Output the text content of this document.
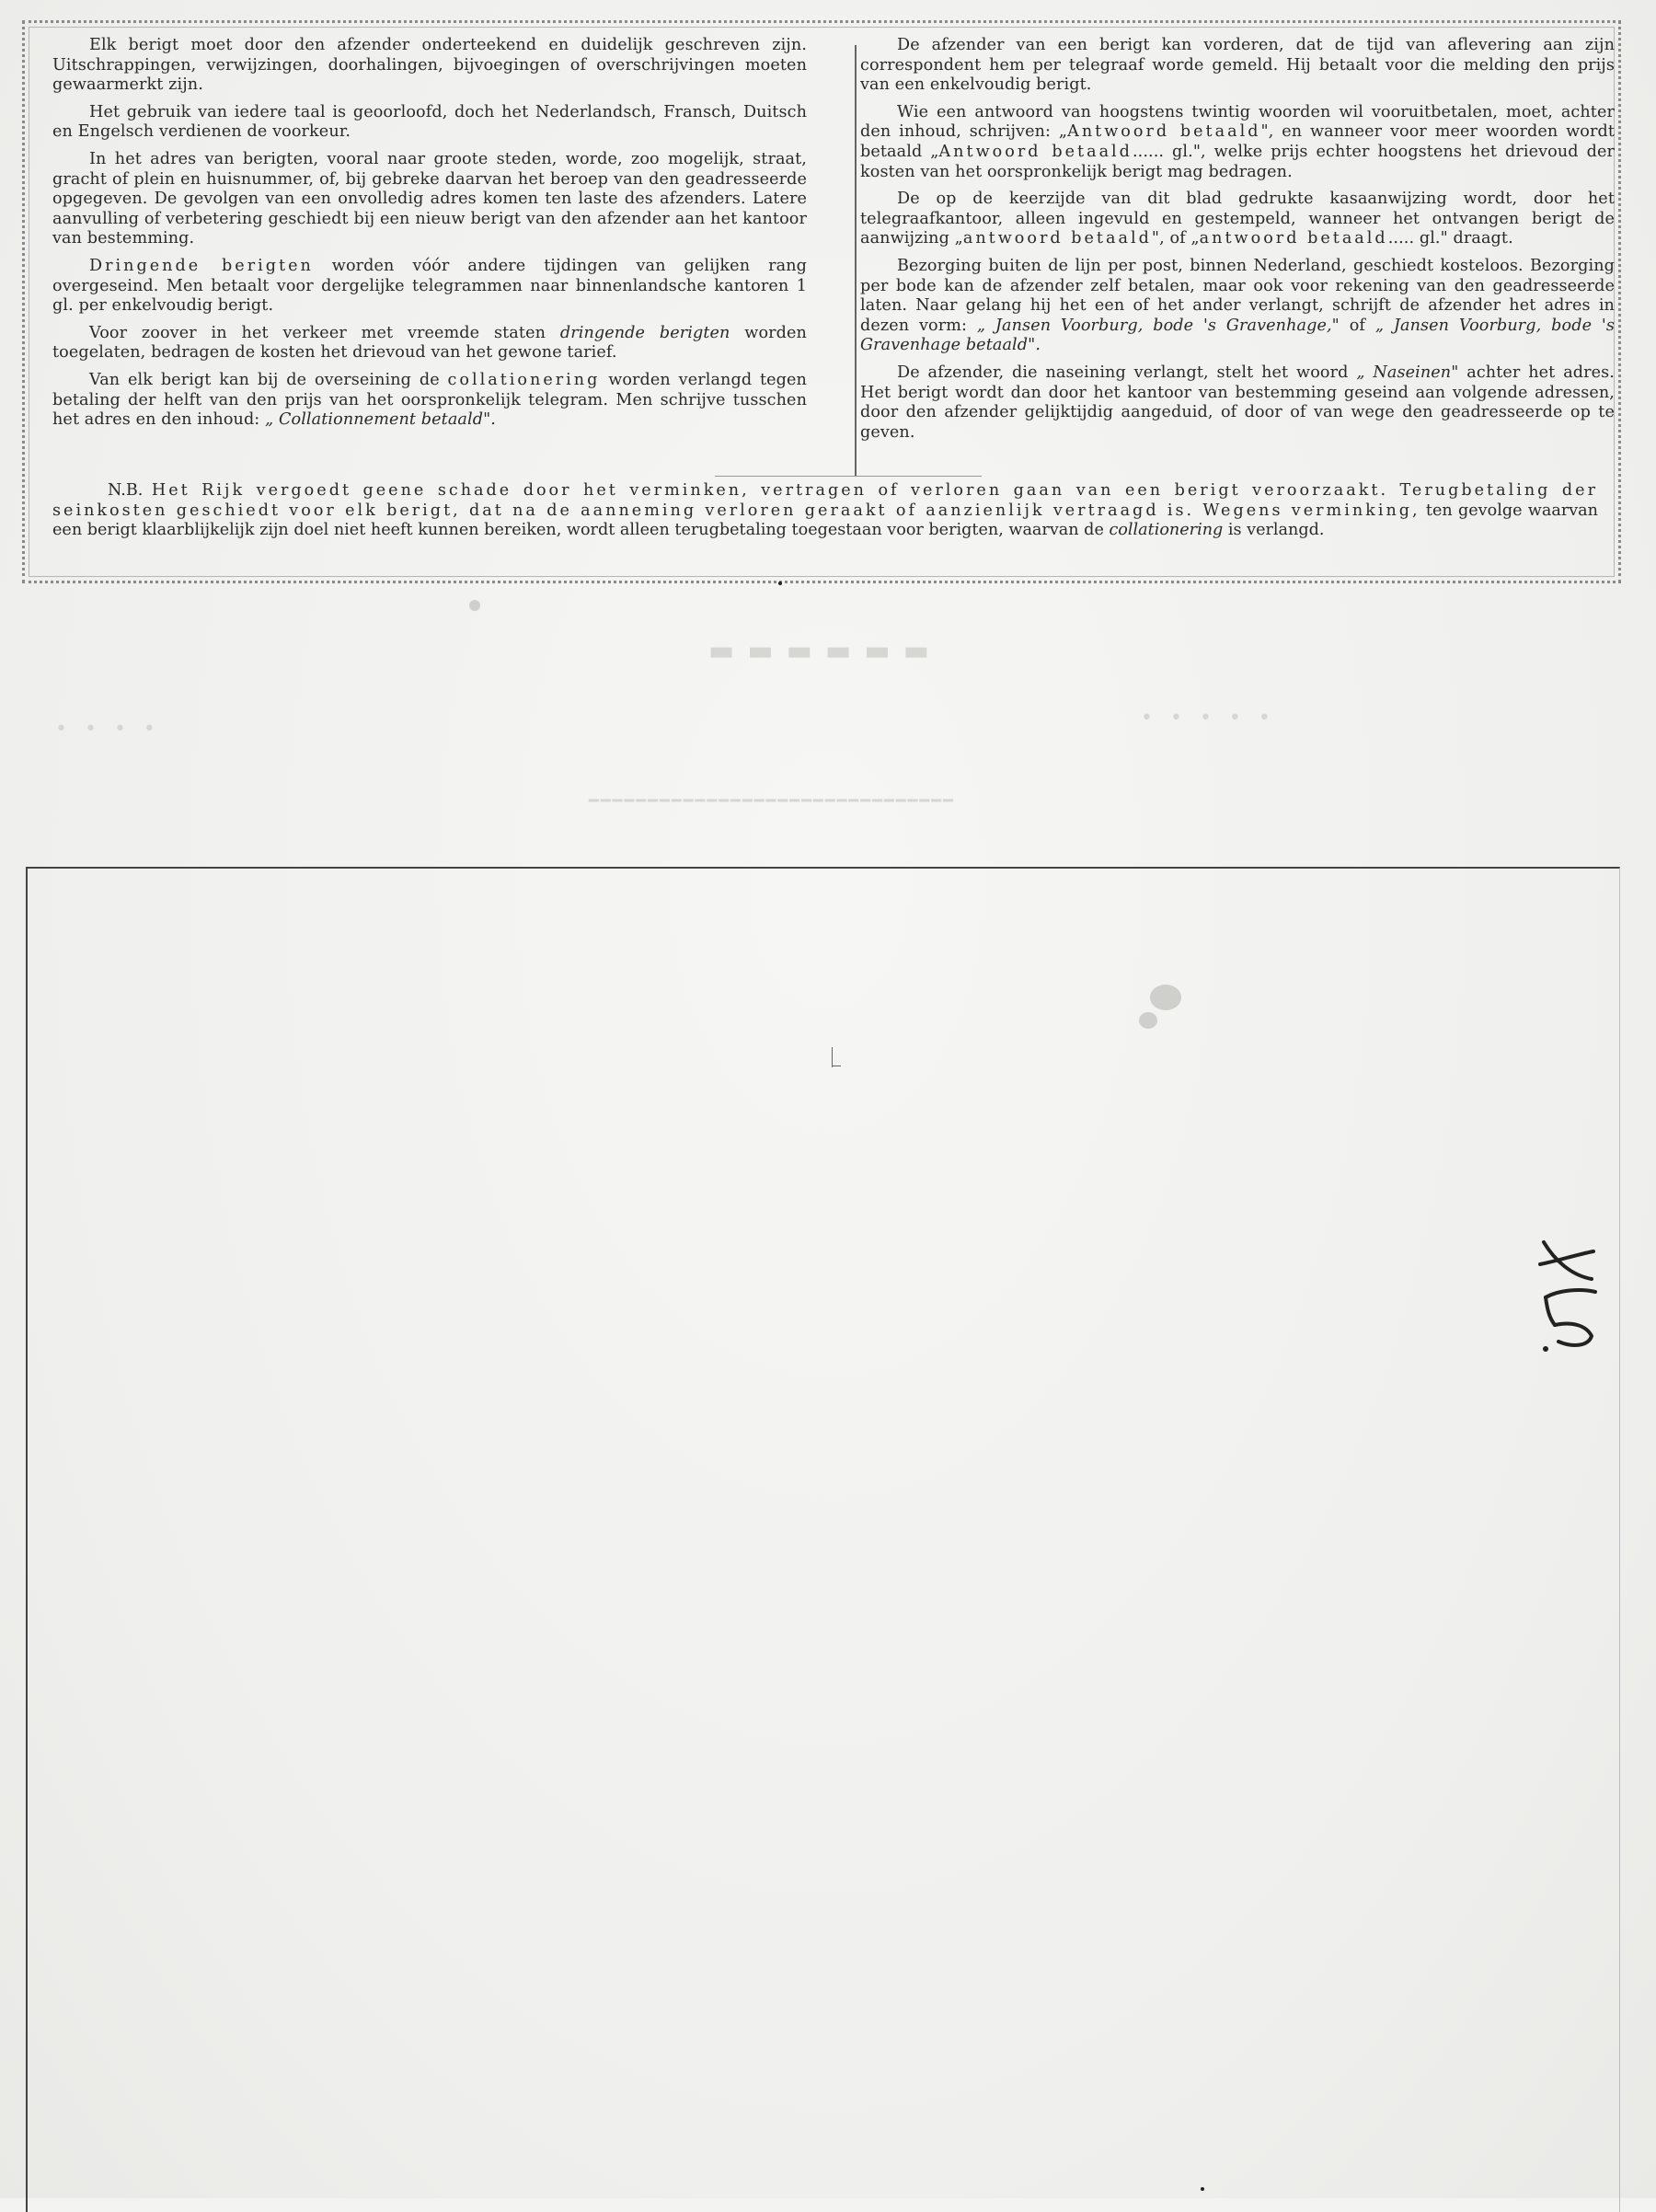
▬▬▬▬▬▬
• • • •	• • • • •
━━━━━━━━━━━━━━━━━━━━━━━━━━━━━━━

Elk berigt moet door den afzender onderteekend en duidelijk geschreven zijn. Uitschrappingen, verwijzingen, doorhalingen, bijvoegingen of overschrijvingen moeten gewaarmerkt zijn.

Het gebruik van iedere taal is geoorloofd, doch het Nederlandsch, Fransch, Duitsch en Engelsch verdienen de voorkeur.

In het adres van berigten, vooral naar groote steden, worde, zoo mogelijk, straat, gracht of plein en huisnummer, of, bij gebreke daarvan het beroep van den geadresseerde opgegeven. De gevolgen van een onvolledig adres komen ten laste des afzenders. Latere aanvulling of verbetering geschiedt bij een nieuw berigt van den afzender aan het kantoor van bestemming.

Dringende berigten worden vóór andere tijdingen van gelijken rang overgeseind. Men betaalt voor dergelijke telegrammen naar binnenlandsche kantoren 1 gl. per enkelvoudig berigt.

Voor zoover in het verkeer met vreemde staten dringende berigten worden toegelaten, bedragen de kosten het drievoud van het gewone tarief.

Van elk berigt kan bij de overseining de collationering worden verlangd tegen betaling der helft van den prijs van het oorspronkelijk telegram. Men schrijve tusschen het adres en den inhoud: „ Collationnement betaald".

De afzender van een berigt kan vorderen, dat de tijd van aflevering aan zijn correspondent hem per telegraaf worde gemeld. Hij betaalt voor die melding den prijs van een enkelvoudig berigt.

Wie een antwoord van hoogstens twintig woorden wil vooruitbetalen, moet, achter den inhoud, schrijven: „Antwoord betaald", en wanneer voor meer woorden wordt betaald „Antwoord betaald...... gl.", welke prijs echter hoogstens het drievoud der kosten van het oorspronkelijk berigt mag bedragen.

De op de keerzijde van dit blad gedrukte kasaanwijzing wordt, door het telegraafkantoor, alleen ingevuld en gestempeld, wanneer het ontvangen berigt de aanwijzing „antwoord betaald", of „antwoord betaald..... gl." draagt.

Bezorging buiten de lijn per post, binnen Nederland, geschiedt kosteloos. Bezorging per bode kan de afzender zelf betalen, maar ook voor rekening van den geadresseerde laten. Naar gelang hij het een of het ander verlangt, schrijft de afzender het adres in dezen vorm: „ Jansen Voorburg, bode 's Gravenhage," of „ Jansen Voorburg, bode 's Gravenhage betaald".

De afzender, die naseining verlangt, stelt het woord „ Naseinen" achter het adres. Het berigt wordt dan door het kantoor van bestemming geseind aan volgende adressen, door den afzender gelijktijdig aangeduid, of door of van wege den geadresseerde op te geven.

N.B. Het Rijk vergoedt geene schade door het verminken, vertragen of verloren gaan van een berigt veroorzaakt. Terugbetaling der seinkosten geschiedt voor elk berigt, dat na de aanneming verloren geraakt of aanzienlijk vertraagd is. Wegens verminking, ten gevolge waarvan een berigt klaarblijkelijk zijn doel niet heeft kunnen bereiken, wordt alleen terugbetaling toegestaan voor berigten, waarvan de collationering is verlangd.
